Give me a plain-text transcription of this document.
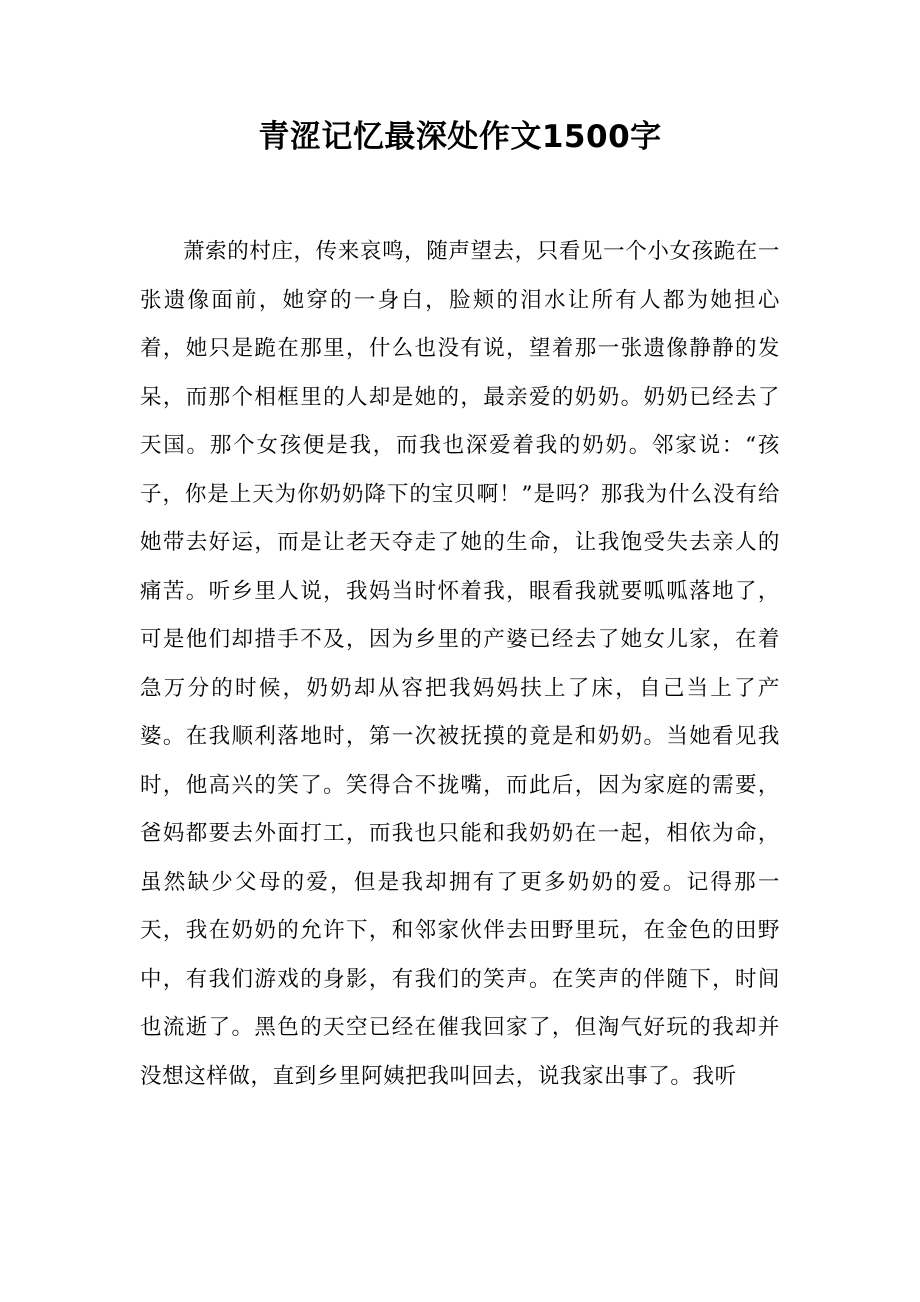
青涩记忆最深处作文1500字

萧索的村庄，传来哀鸣，随声望去，只看见一个小女孩跪在一张遗像面前，她穿的一身白，脸颊的泪水让所有人都为她担心着，她只是跪在那里，什么也没有说，望着那一张遗像静静的发呆，而那个相框里的人却是她的，最亲爱的奶奶。奶奶已经去了天国。那个女孩便是我，而我也深爱着我的奶奶。邻家说：“孩子，你是上天为你奶奶降下的宝贝啊！”是吗？那我为什么没有给她带去好运，而是让老天夺走了她的生命，让我饱受失去亲人的痛苦。听乡里人说，我妈当时怀着我，眼看我就要呱呱落地了，可是他们却措手不及，因为乡里的产婆已经去了她女儿家，在着急万分的时候，奶奶却从容把我妈妈扶上了床，自己当上了产婆。在我顺利落地时，第一次被抚摸的竟是和奶奶。当她看见我时，他高兴的笑了。笑得合不拢嘴，而此后，因为家庭的需要，爸妈都要去外面打工，而我也只能和我奶奶在一起，相依为命，虽然缺少父母的爱，但是我却拥有了更多奶奶的爱。记得那一天，我在奶奶的允许下，和邻家伙伴去田野里玩，在金色的田野中，有我们游戏的身影，有我们的笑声。在笑声的伴随下，时间也流逝了。黑色的天空已经在催我回家了，但淘气好玩的我却并没想这样做，直到乡里阿姨把我叫回去，说我家出事了。我听
